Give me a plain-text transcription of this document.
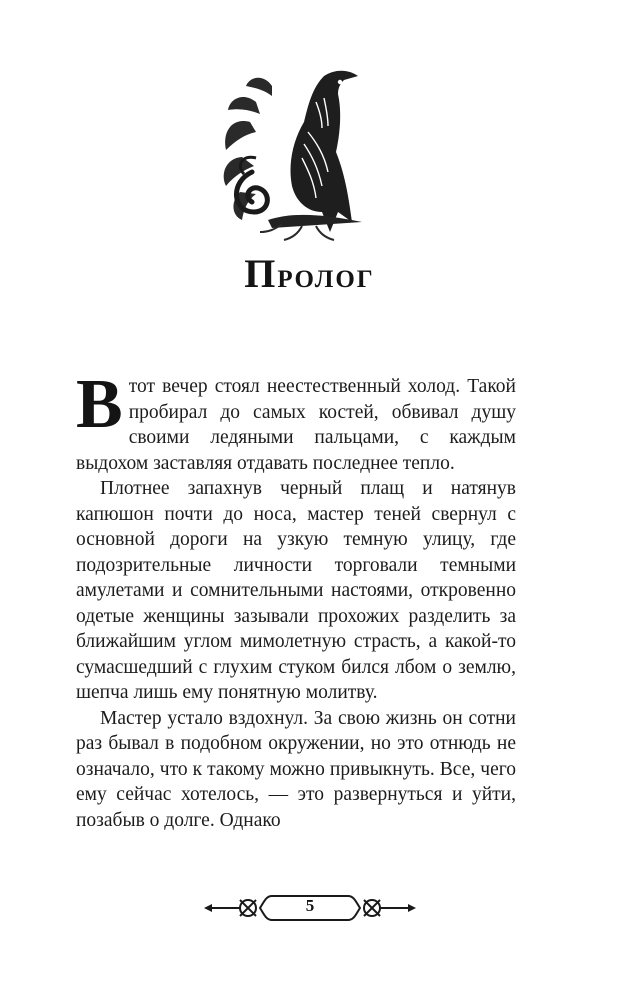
Пролог

Втот вечер стоял неестественный холод. Такой пробирал до самых костей, обвивал душу своими ледяными пальцами, с каждым выдохом заставляя отдавать последнее тепло.

Плотнее запахнув черный плащ и натянув капюшон почти до носа, мастер теней свернул с основной дороги на узкую темную улицу, где подозрительные личности торговали темными амулетами и сомнительными настоями, откровенно одетые женщины зазывали прохожих разделить за ближайшим углом мимолетную страсть, а какой-то сумасшедший с глухим стуком бился лбом о землю, шепча лишь ему понятную молитву.

Мастер устало вздохнул. За свою жизнь он сотни раз бывал в подобном окружении, но это отнюдь не означало, что к такому можно привыкнуть. Все, чего ему сейчас хотелось, — это развернуться и уйти, позабыв о долге. Однако

5
